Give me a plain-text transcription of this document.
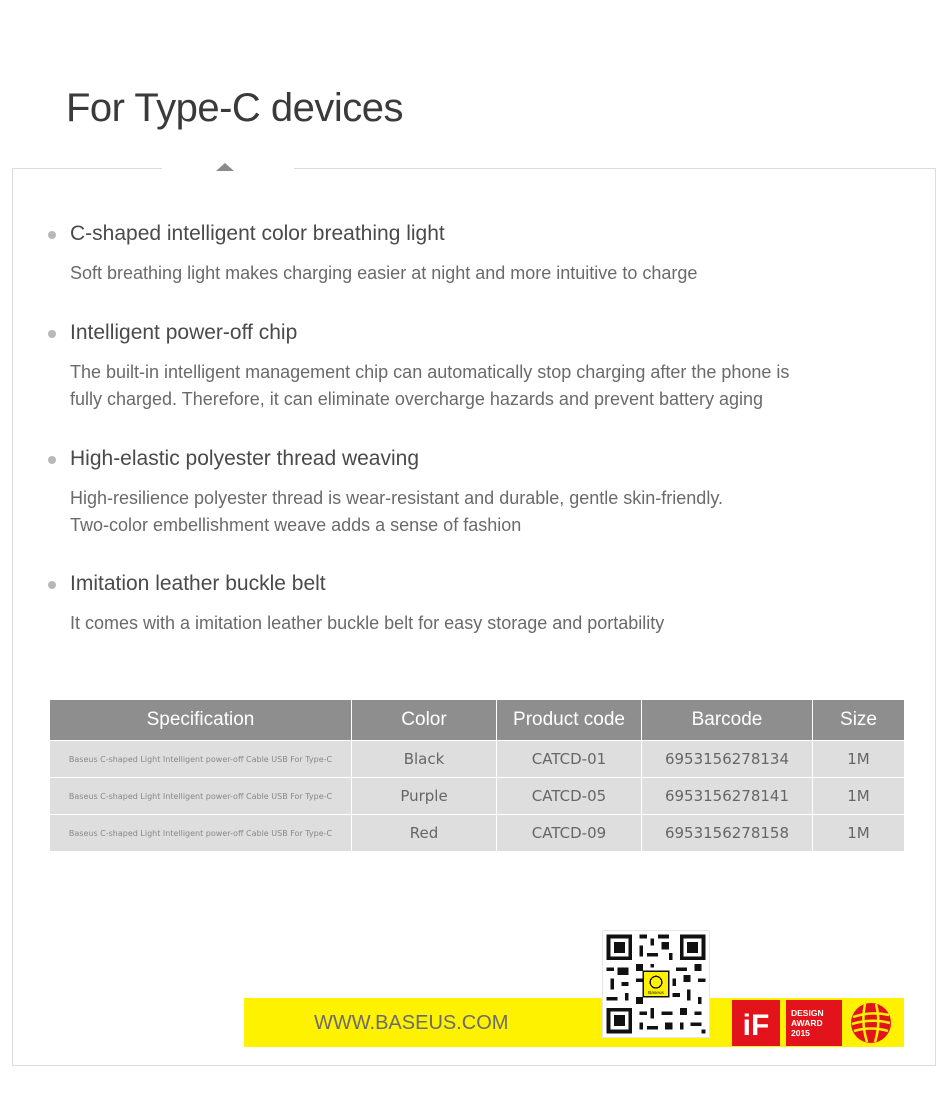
For Type-C devices
C-shaped intelligent color breathing light
Soft breathing light makes charging easier at night and more intuitive to charge
Intelligent power-off chip
The built-in intelligent management chip can automatically stop charging after the phone is
fully charged. Therefore, it can eliminate overcharge hazards and prevent battery aging
High-elastic polyester thread weaving
High-resilience polyester thread is wear-resistant and durable, gentle skin-friendly.
Two-color embellishment weave adds a sense of fashion
Imitation leather buckle belt
It comes with a imitation leather buckle belt for easy storage and portability
Specification	Color	Product code	Barcode	Size
Baseus C-shaped Light Intelligent power-off Cable USB For Type-C	Black	CATCD-01	6953156278134	1M
Baseus C-shaped Light Intelligent power-off Cable USB For Type-C	Purple	CATCD-05	6953156278141	1M
Baseus C-shaped Light Intelligent power-off Cable USB For Type-C	Red	CATCD-09	6953156278158	1M
WWW.BASEUS.COM
Baseus
iF	DESIGN
AWARD
2015
